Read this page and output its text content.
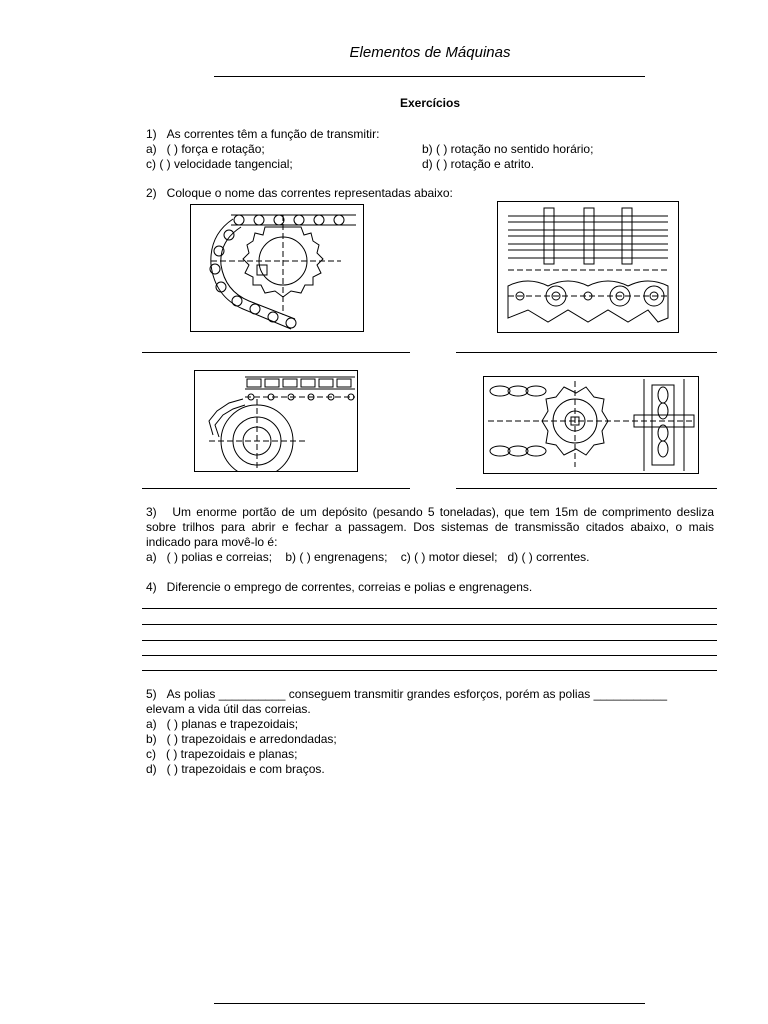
Elementos de Máquinas
Exercícios
1)   As correntes têm a função de transmitir:
a)   ( ) força e rotação;	b) ( ) rotação no sentido horário;
c) ( ) velocidade tangencial;	d) ( ) rotação e atrito.
2)   Coloque o nome das correntes representadas abaixo:
3)   Um enorme portão de um depósito (pesando 5 toneladas), que tem 15m de comprimento desliza sobre trilhos para abrir e fechar a passagem. Dos sistemas de transmissão citados abaixo, o mais indicado para movê-lo é:
a)   ( ) polias e correias;    b) ( ) engrenagens;    c) ( ) motor diesel;   d) ( ) correntes.
4)   Diferencie o emprego de correntes, correias e polias e engrenagens.
5)   As polias __________ conseguem transmitir grandes esforços, porém as polias ___________
elevam a vida útil das correias.
a)   ( ) planas e trapezoidais;
b)   ( ) trapezoidais e arredondadas;
c)   ( ) trapezoidais e planas;
d)   ( ) trapezoidais e com braços.
